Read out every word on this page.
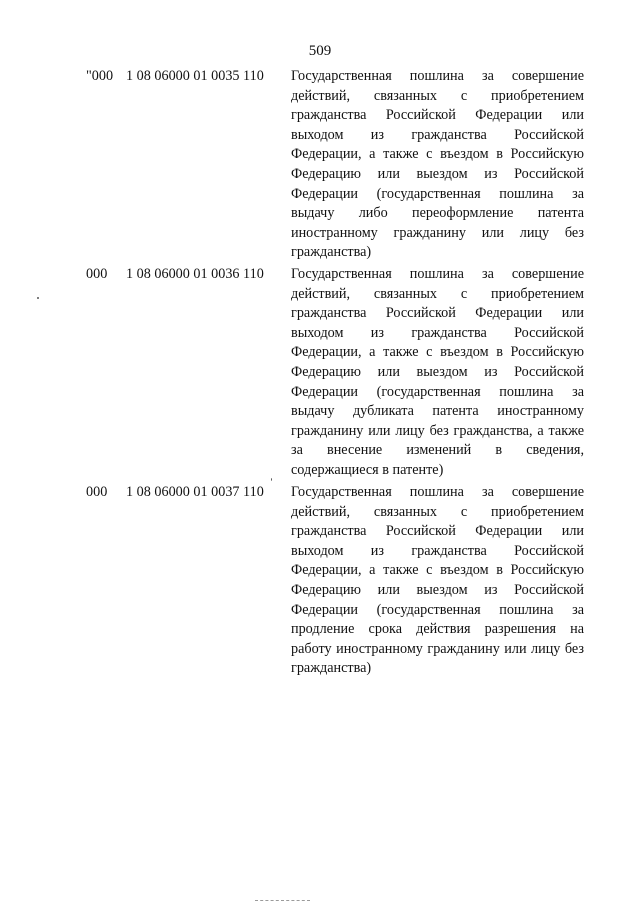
509
"000 1 08 06000 01 0035 110 Государственная пошлина за совершение действий, связанных с приобретением гражданства Российской Федерации или выходом из гражданства Российской Федерации, а также с въездом в Российскую Федерацию или выездом из Российской Федерации (государственная пошлина за выдачу либо переоформление патента иностранному гражданину или лицу без гражданства)
000 1 08 06000 01 0036 110 Государственная пошлина за совершение действий, связанных с приобретением гражданства Российской Федерации или выходом из гражданства Российской Федерации, а также с въездом в Российскую Федерацию или выездом из Российской Федерации (государственная пошлина за выдачу дубликата патента иностранному гражданину или лицу без гражданства, а также за внесение изменений в сведения, содержащиеся в патенте)
000 1 08 06000 01 0037 110 Государственная пошлина за совершение действий, связанных с приобретением гражданства Российской Федерации или выходом из гражданства Российской Федерации, а также с въездом в Российскую Федерацию или выездом из Российской Федерации (государственная пошлина за продление срока действия разрешения на работу иностранному гражданину или лицу без гражданства)
